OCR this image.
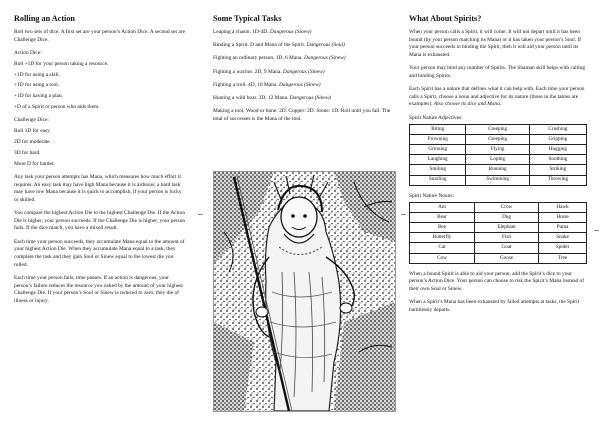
Rolling an Action

Roll two sets of dice. A first set are your person’s Action Dice. A second set are Challenge Dice.

Action Dice:

Roll +1D for your person taking a resource.

+1D for using a skill.

+1D for using a tool.

+1D for having a plan.

+D of a Spirit or person who aids them.

Challenge Dice:

Roll 1D for easy.

2D for moderate.

3D for hard.

More D for harder.

Any task your person attempts has Mana, which measures how much effort it requires. An easy task may have high Mana because it is arduous; a hard task may have low Mana because it is quick to accomplish, if your person is lucky or skilled.

You compare the highest Action Die to the highest Challenge Die. If the Action Die is higher, your person succeeds. If the Challenge Die is higher, your person fails. If the dice match, you have a mixed result.

Each time your person succeeds, they accumulate Mana equal to the amount of your highest Action Die. When they accumulate Mana equal to a task, they complete the task and they gain Soul or Sinew equal to the lowest die you rolled.

Each time your person fails, time passes. If an action is dangerous, your person’s failure reduces the resource you risked by the amount of your highest Challenge Die. If your person’s Soul or Sinew is reduced to zero, they die of illness or injury.

Some Typical Tasks

Leaping a chasm. 1D-4D. Dangerous (Sinew)

Binding a Spirit. D and Mana of the Spirit. Dangerous (Soul)

Fighting an ordinary person. 1D, 6 Mana. Dangerous (Sinew)

Fighting a warrior. 2D, 9 Mana. Dangerous (Sinew)

Fighting a troll. 4D, 16 Mana. Dangerous (Sinew)

Hunting a wild boar. 3D, 12 Mana. Dangerous (Sinew)

Making a tool. Wood or bone: 2D. Copper: 2D. Stone: 1D. Roll until you fail. The total of successes is the Mana of the tool.

What About Spirits?

When your person calls a Spirit, it will come. It will not depart until it has been bound (by your person matching its Mana) or it has taken your person’s Soul. If your person succeeds in binding the Spirit, then it will aid your person until its Mana is exhausted.

Your person may bind any number of Spirits. The Shaman skill helps with calling and binding Spirits.

Each Spirit has a nature that defines what it can help with. Each time your person calls a Spirit, choose a noun and adjective for its nature (those in the tables are examples). Also choose its dice and Mana.

Spirit Nature Adjectives:
Biting	Creeping	Crushing
Frowning	Creeping	Gripping
Grinning	Flying	Hugging
Laughing	Loping	Soothing
Smiling	Running	Striking
Snarling	Swimming	Throwing
Spirit Nature Nouns:
Ant	Crow	Hawk
Bear	Dog	Horse
Bee	Elephant	Puma
Butterfly	Fish	Snake
Cat	Goat	Spider
Cow	Goose	Tree

When a bound Spirit is able to aid your person, add the Spirit’s dice to your person’s Action Dice. Your person can choose to risk the Spirit’s Mana instead of their own Soul or Sinew.

When a Spirit’s Mana has been exhausted by failed attempts at tasks, the Spirit harmlessly departs.
